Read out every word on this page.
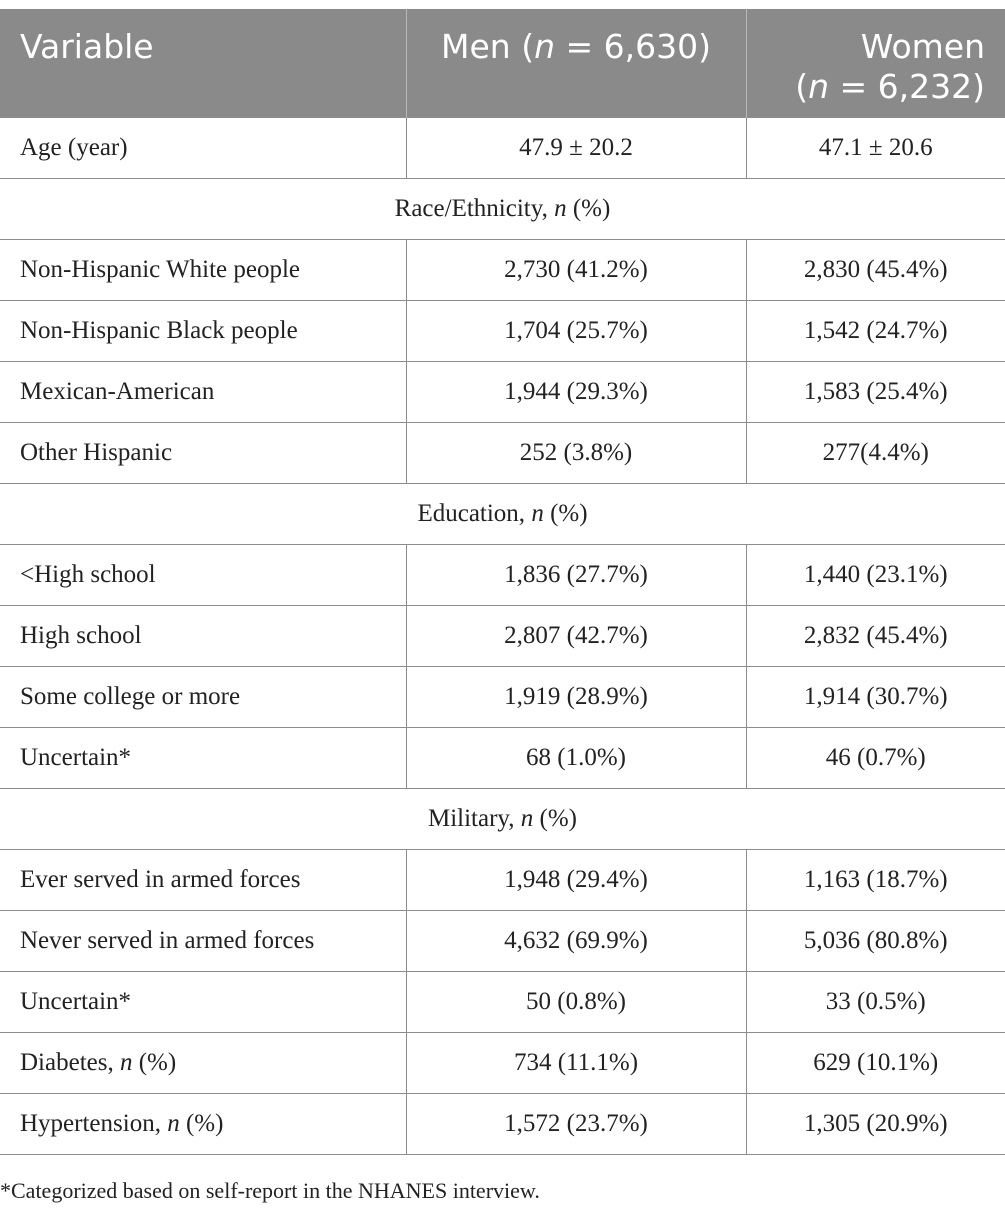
Variable	Men (n = 6,630)	Women
(n = 6,232)
Age (year)	47.9 ± 20.2	47.1 ± 20.6
Race/Ethnicity, n (%)		
Non-Hispanic White people	2,730 (41.2%)	2,830 (45.4%)
Non-Hispanic Black people	1,704 (25.7%)	1,542 (24.7%)
Mexican-American	1,944 (29.3%)	1,583 (25.4%)
Other Hispanic	252 (3.8%)	277(4.4%)
Education, n (%)		
<High school	1,836 (27.7%)	1,440 (23.1%)
High school	2,807 (42.7%)	2,832 (45.4%)
Some college or more	1,919 (28.9%)	1,914 (30.7%)
Uncertain*	68 (1.0%)	46 (0.7%)
Military, n (%)		
Ever served in armed forces	1,948 (29.4%)	1,163 (18.7%)
Never served in armed forces	4,632 (69.9%)	5,036 (80.8%)
Uncertain*	50 (0.8%)	33 (0.5%)
Diabetes, n (%)	734 (11.1%)	629 (10.1%)
Hypertension, n (%)	1,572 (23.7%)	1,305 (20.9%)
*Categorized based on self-report in the NHANES interview.
